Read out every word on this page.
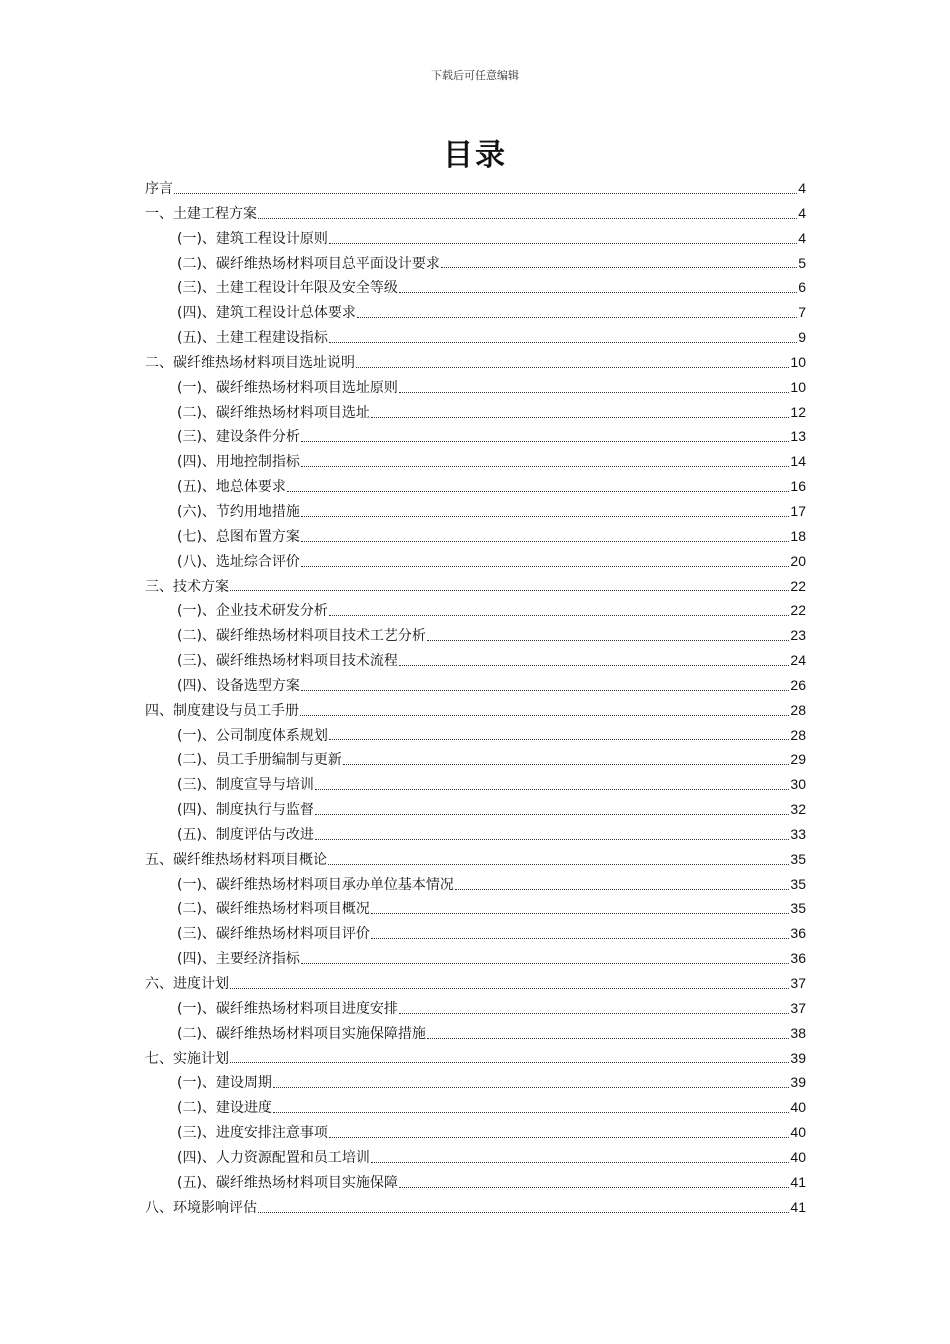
下载后可任意编辑
目录
序言	4
一、土建工程方案	4
(一)、建筑工程设计原则	4
(二)、碳纤维热场材料项目总平面设计要求	5
(三)、土建工程设计年限及安全等级	6
(四)、建筑工程设计总体要求	7
(五)、土建工程建设指标	9
二、碳纤维热场材料项目选址说明	10
(一)、碳纤维热场材料项目选址原则	10
(二)、碳纤维热场材料项目选址	12
(三)、建设条件分析	13
(四)、用地控制指标	14
(五)、地总体要求	16
(六)、节约用地措施	17
(七)、总图布置方案	18
(八)、选址综合评价	20
三、技术方案	22
(一)、企业技术研发分析	22
(二)、碳纤维热场材料项目技术工艺分析	23
(三)、碳纤维热场材料项目技术流程	24
(四)、设备选型方案	26
四、制度建设与员工手册	28
(一)、公司制度体系规划	28
(二)、员工手册编制与更新	29
(三)、制度宣导与培训	30
(四)、制度执行与监督	32
(五)、制度评估与改进	33
五、碳纤维热场材料项目概论	35
(一)、碳纤维热场材料项目承办单位基本情况	35
(二)、碳纤维热场材料项目概况	35
(三)、碳纤维热场材料项目评价	36
(四)、主要经济指标	36
六、进度计划	37
(一)、碳纤维热场材料项目进度安排	37
(二)、碳纤维热场材料项目实施保障措施	38
七、实施计划	39
(一)、建设周期	39
(二)、建设进度	40
(三)、进度安排注意事项	40
(四)、人力资源配置和员工培训	40
(五)、碳纤维热场材料项目实施保障	41
八、环境影响评估	41
